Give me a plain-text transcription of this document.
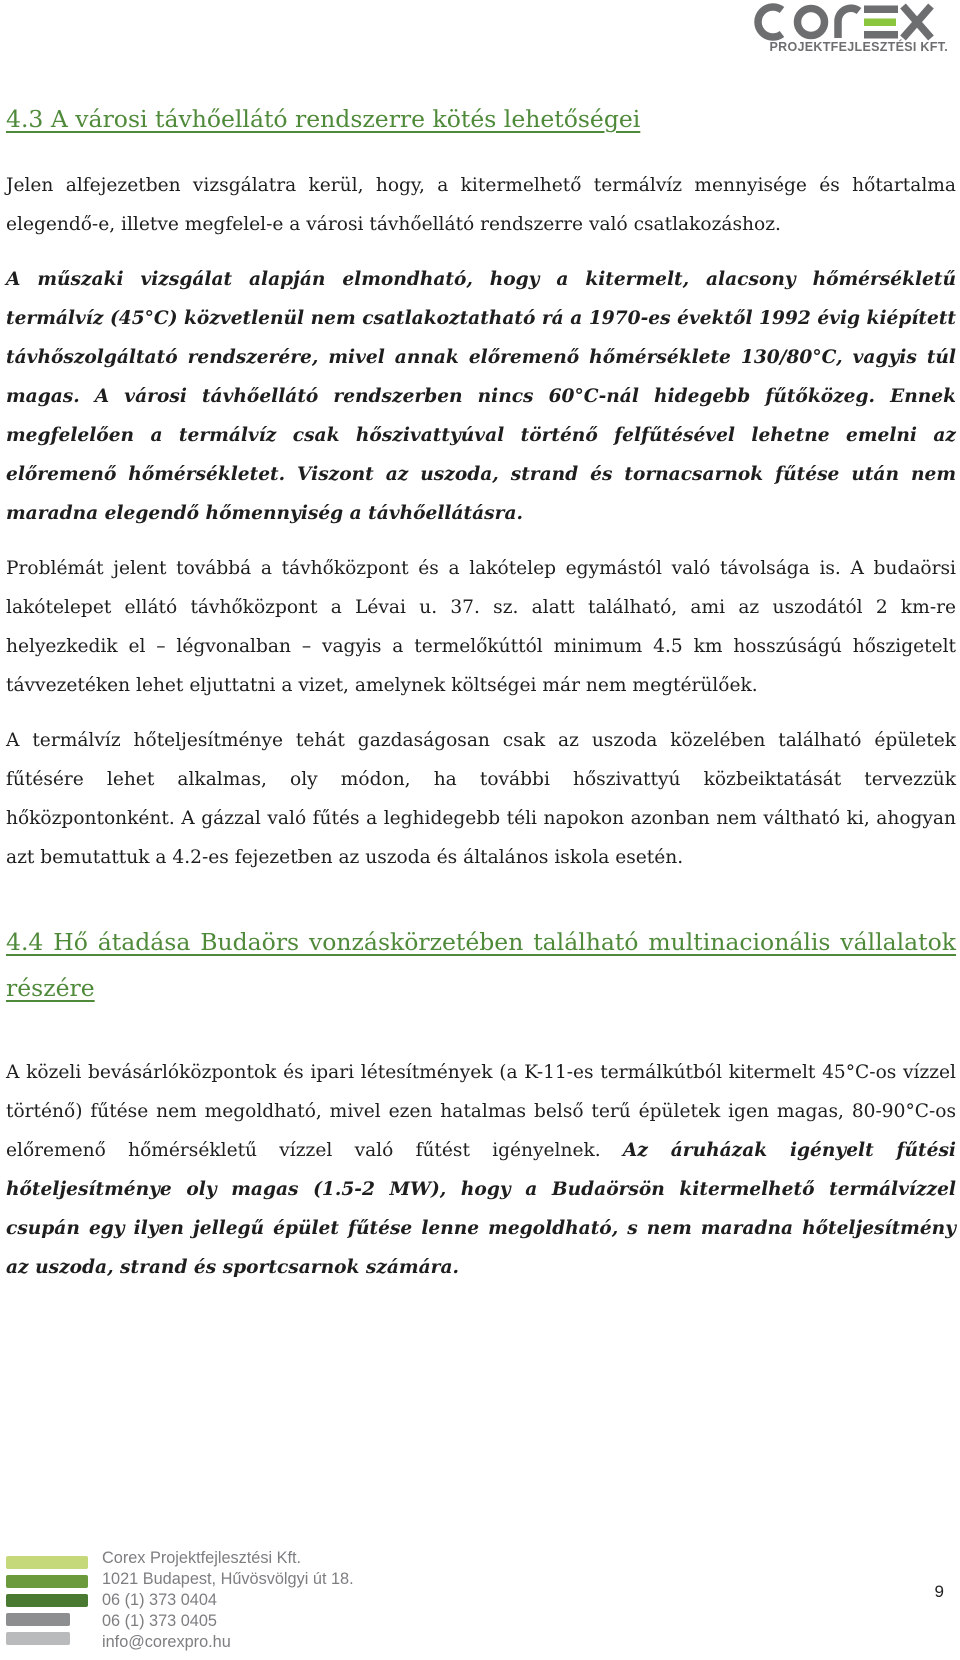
PROJEKTFEJLESZTÉSI KFT.
4.3 A városi távhőellátó rendszerre kötés lehetőségei

Jelen alfejezetben vizsgálatra kerül, hogy, a kitermelhető termálvíz mennyisége és hőtartalma elegendő-e, illetve megfelel-e a városi távhőellátó rendszerre való csatlakozáshoz.

A műszaki vizsgálat alapján elmondható, hogy a kitermelt, alacsony hőmérsékletű termálvíz (45°C) közvetlenül nem csatlakoztatható rá a 1970-es évektől 1992 évig kiépített távhőszolgáltató rendszerére, mivel annak előremenő hőmérséklete 130/80°C, vagyis túl magas. A városi távhőellátó rendszerben nincs 60°C-nál hidegebb fűtőközeg. Ennek megfelelően a termálvíz csak hőszivattyúval történő felfűtésével lehetne emelni az előremenő hőmérsékletet. Viszont az uszoda, strand és tornacsarnok fűtése után nem maradna elegendő hőmennyiség a távhőellátásra.

Problémát jelent továbbá a távhőközpont és a lakótelep egymástól való távolsága is. A budaörsi lakótelepet ellátó távhőközpont a Lévai u. 37. sz. alatt található, ami az uszodától 2 km-re helyezkedik el – légvonalban – vagyis a termelőkúttól minimum 4.5 km hosszúságú hőszigetelt távvezetéken lehet eljuttatni a vizet, amelynek költségei már nem megtérülőek.

A termálvíz hőteljesítménye tehát gazdaságosan csak az uszoda közelében található épületek fűtésére lehet alkalmas, oly módon, ha további hőszivattyú közbeiktatását tervezzük hőközpontonként. A gázzal való fűtés a leghidegebb téli napokon azonban nem váltható ki, ahogyan azt bemutattuk a 4.2-es fejezetben az uszoda és általános iskola esetén.

4.4 Hő átadása Budaörs vonzáskörzetében található multinacionális vállalatok részére

A közeli bevásárlóközpontok és ipari létesítmények (a K-11-es termálkútból kitermelt 45°C-os vízzel történő) fűtése nem megoldható, mivel ezen hatalmas belső terű épületek igen magas, 80-90°C-os előremenő hőmérsékletű vízzel való fűtést igényelnek. Az áruházak igényelt fűtési hőteljesítménye oly magas (1.5-2 MW), hogy a Budaörsön kitermelhető termálvízzel csupán egy ilyen jellegű épület fűtése lenne megoldható, s nem maradna hőteljesítmény az uszoda, strand és sportcsarnok számára.

Corex Projektfejlesztési Kft.
1021 Budapest, Hűvösvölgyi út 18.
06 (1) 373 0404
06 (1) 373 0405
info@corexpro.hu
9
